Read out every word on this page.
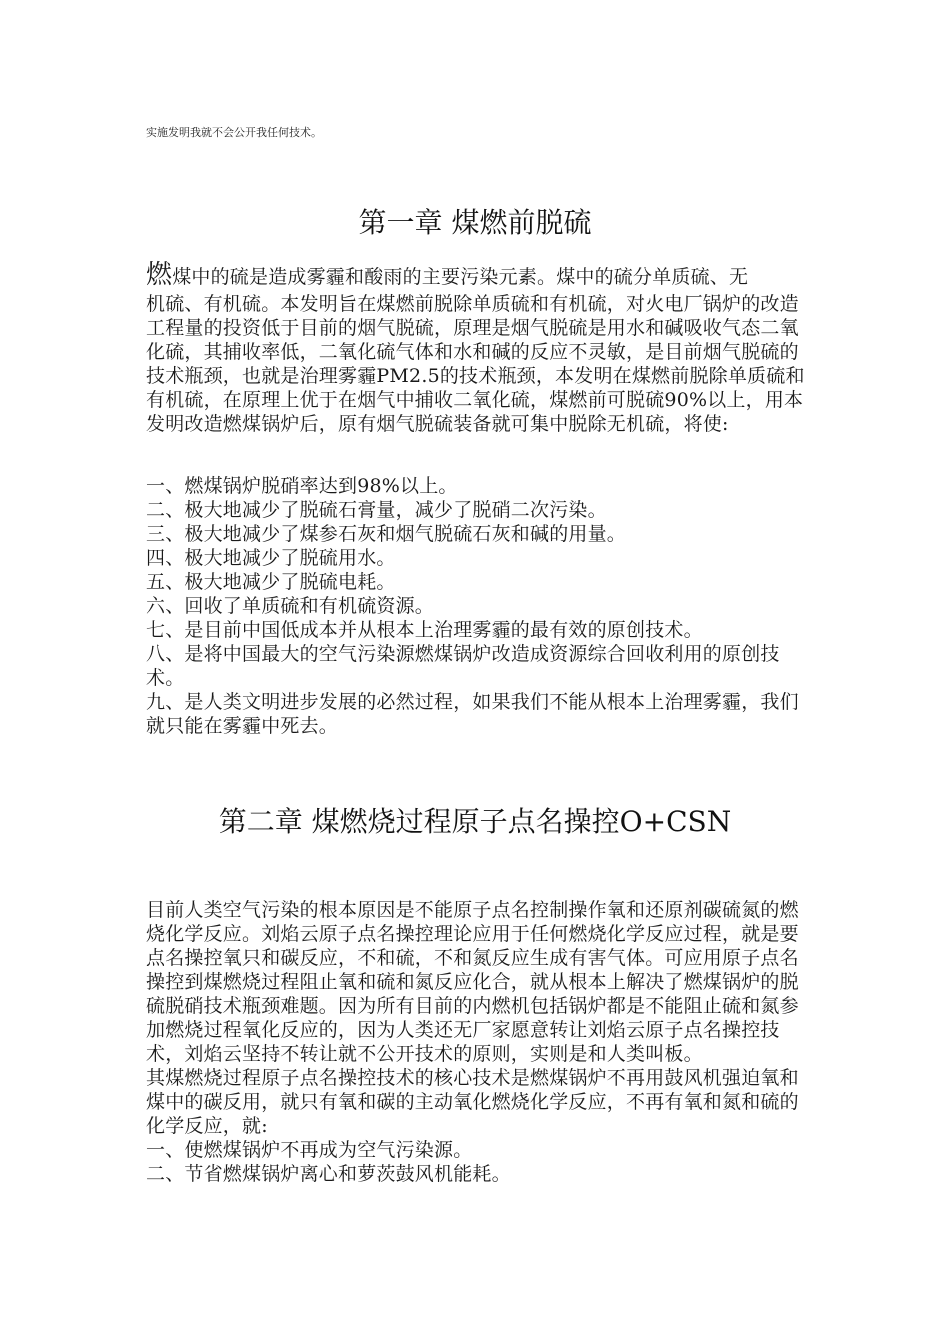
实施发明我就不会公开我任何技术。
第一章 煤燃前脱硫

燃煤中的硫是造成雾霾和酸雨的主要污染元素。煤中的硫分单质硫、无

机硫、有机硫。本发明旨在煤燃前脱除单质硫和有机硫，对火电厂锅炉的改造工程量的投资低于目前的烟气脱硫，原理是烟气脱硫是用水和碱吸收气态二氧化硫，其捕收率低，二氧化硫气体和水和碱的反应不灵敏，是目前烟气脱硫的技术瓶颈，也就是治理雾霾PM2.5的技术瓶颈，本发明在煤燃前脱除单质硫和有机硫，在原理上优于在烟气中捕收二氧化硫，煤燃前可脱硫90%以上，用本发明改造燃煤锅炉后，原有烟气脱硫装备就可集中脱除无机硫，将使:

一、燃煤锅炉脱硝率达到98%以上。
二、极大地减少了脱硫石膏量，减少了脱硝二次污染。
三、极大地减少了煤参石灰和烟气脱硫石灰和碱的用量。
四、极大地减少了脱硫用水。
五、极大地减少了脱硫电耗。
六、回收了单质硫和有机硫资源。
七、是目前中国低成本并从根本上治理雾霾的最有效的原创技术。
八、是将中国最大的空气污染源燃煤锅炉改造成资源综合回收利用的原创技术。
九、是人类文明进步发展的必然过程，如果我们不能从根本上治理雾霾，我们就只能在雾霾中死去。
第二章 煤燃烧过程原子点名操控O+CSN

目前人类空气污染的根本原因是不能原子点名控制操作氧和还原剂碳硫氮的燃烧化学反应。刘焰云原子点名操控理论应用于任何燃烧化学反应过程，就是要点名操控氧只和碳反应，不和硫，不和氮反应生成有害气体。可应用原子点名操控到煤燃烧过程阻止氧和硫和氮反应化合，就从根本上解决了燃煤锅炉的脱硫脱硝技术瓶颈难题。因为所有目前的内燃机包括锅炉都是不能阻止硫和氮参加燃烧过程氧化反应的，因为人类还无厂家愿意转让刘焰云原子点名操控技术，刘焰云坚持不转让就不公开技术的原则，实则是和人类叫板。

其煤燃烧过程原子点名操控技术的核心技术是燃煤锅炉不再用鼓风机强迫氧和煤中的碳反用，就只有氧和碳的主动氧化燃烧化学反应，不再有氧和氮和硫的化学反应，就:

一、使燃煤锅炉不再成为空气污染源。
二、节省燃煤锅炉离心和萝茨鼓风机能耗。
